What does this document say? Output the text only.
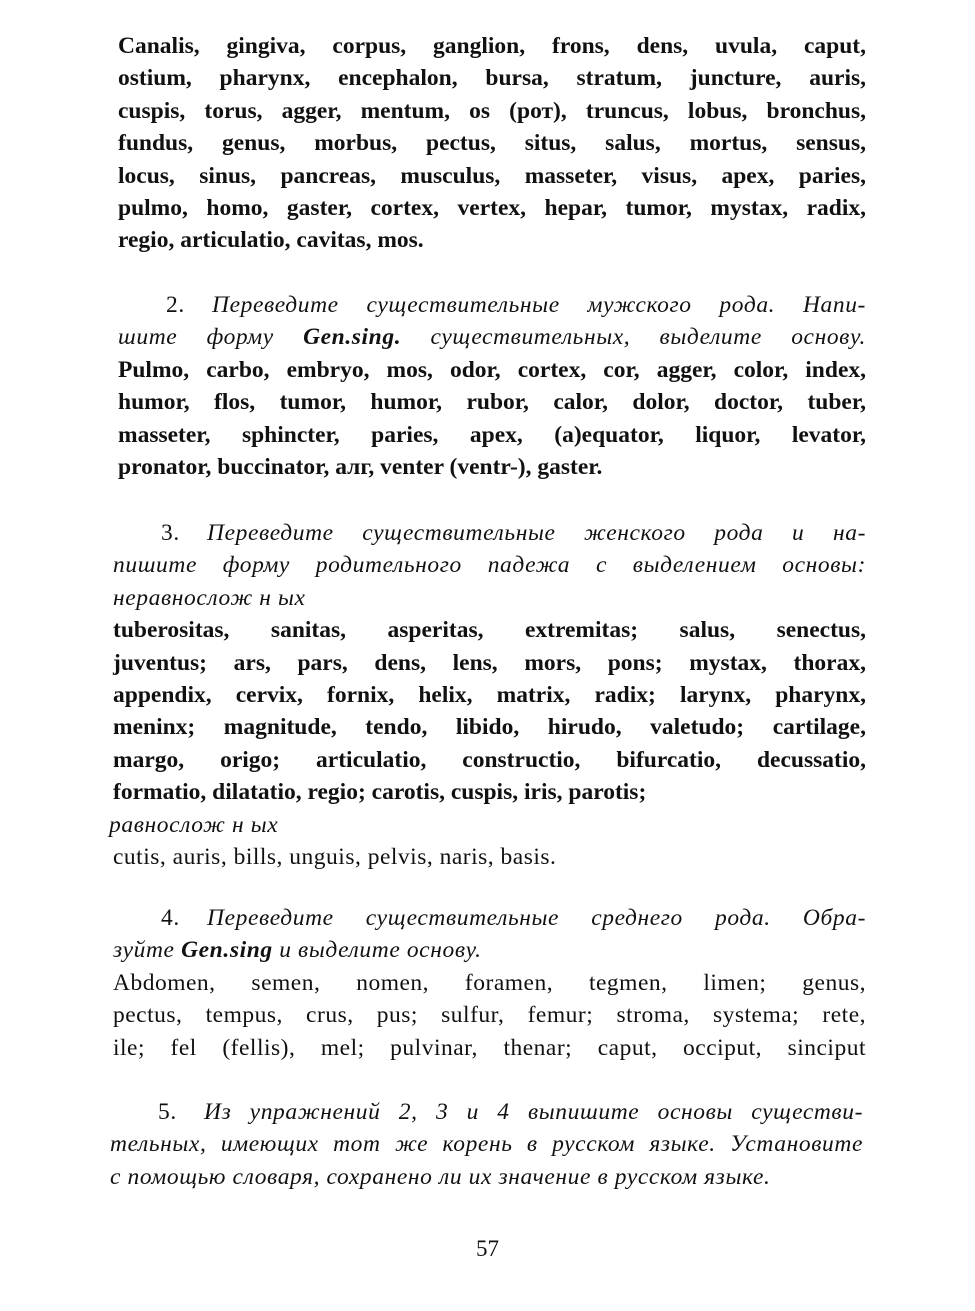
Canalis, gingiva, corpus, ganglion, frons, dens, uvula, caput,
ostium, pharynx, encephalon, bursa, stratum, juncture, auris,
cuspis, torus, agger, mentum, os (рот), truncus, lobus, bronchus,
fundus, genus, morbus, pectus, situs, salus, mortus, sensus,
locus, sinus, pancreas, musculus, masseter, visus, apex, paries,
pulmo, homo, gaster, cortex, vertex, hepar, tumor, mystax, radix,
regio, articulatio, cavitas, mos.
2. Переведите существительные мужского рода. Напи-
шите форму Gen.sing. существительных, выделите основу.
Pulmo, carbo, embryo, mos, odor, cortex, cor, agger, color, index,
humor, flos, tumor, humor, rubor, calor, dolor, doctor, tuber,
masseter, sphincter, paries, apex, (a)equator, liquor, levator,
pronator, buccinator, алг, venter (ventr-), gaster.
3. Переведите существительные женского рода и на-
пишите форму родительного падежа с выделением основы:
неравнослож н ых
tuberositas, sanitas, asperitas, extremitas; salus, senectus,
juventus; ars, pars, dens, lens, mors, pons; mystax, thorax,
appendix, cervix, fornix, helix, matrix, radix; larynx, pharynx,
meninx; magnitude, tendo, libido, hirudo, valetudo; cartilage,
margo, origo; articulatio, constructio, bifurcatio, decussatio,
formatio, dilatatio, regio; carotis, cuspis, iris, parotis;
равнослож н ых
cutis, auris, bills, unguis, pelvis, naris, basis.
4. Переведите существительные среднего рода. Обра-
зуйте Gen.sing и выделите основу.
Abdomen, semen, nomen, foramen, tegmen, limen; genus,
pectus, tempus, crus, pus; sulfur, femur; stroma, systema; rete,
ile; fel (fellis), mel; pulvinar, thenar; caput, occiput, sinciput
5. Из упражнений 2, 3 и 4 выпишите основы существи-
тельных, имеющих тот же корень в русском языке. Установите
с помощью словаря, сохранено ли их значение в русском языке.
57
